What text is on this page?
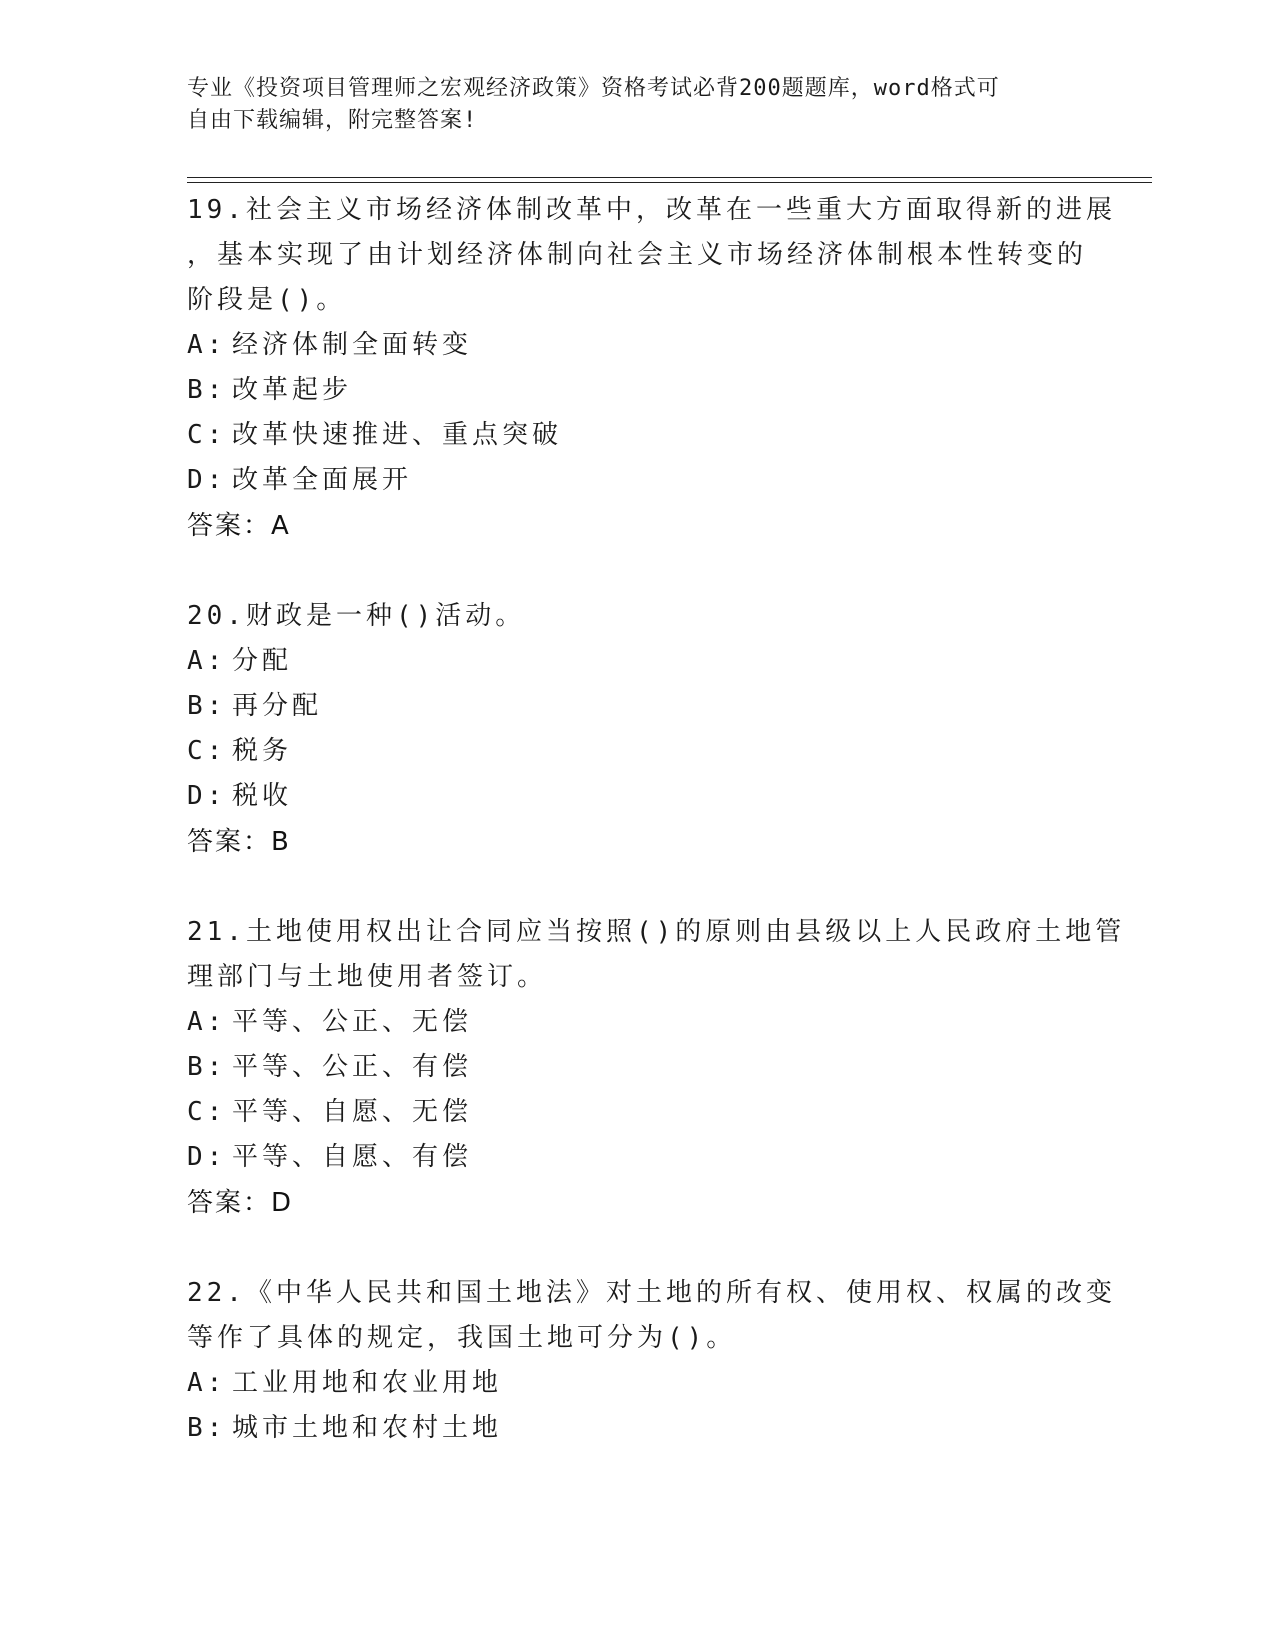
专业《投资项目管理师之宏观经济政策》资格考试必背200题题库，word格式可
自由下载编辑，附完整答案!
19.社会主义市场经济体制改革中，改革在一些重大方面取得新的进展
，基本实现了由计划经济体制向社会主义市场经济体制根本性转变的
阶段是()。
A: 经济体制全面转变
B: 改革起步
C: 改革快速推进、重点突破
D: 改革全面展开
答案：A
20.财政是一种()活动。
A: 分配
B: 再分配
C: 税务
D: 税收
答案：B
21.土地使用权出让合同应当按照()的原则由县级以上人民政府土地管
理部门与土地使用者签订。
A: 平等、公正、无偿
B: 平等、公正、有偿
C: 平等、自愿、无偿
D: 平等、自愿、有偿
答案：D
22.《中华人民共和国土地法》对土地的所有权、使用权、权属的改变
等作了具体的规定，我国土地可分为()。
A: 工业用地和农业用地
B: 城市土地和农村土地
